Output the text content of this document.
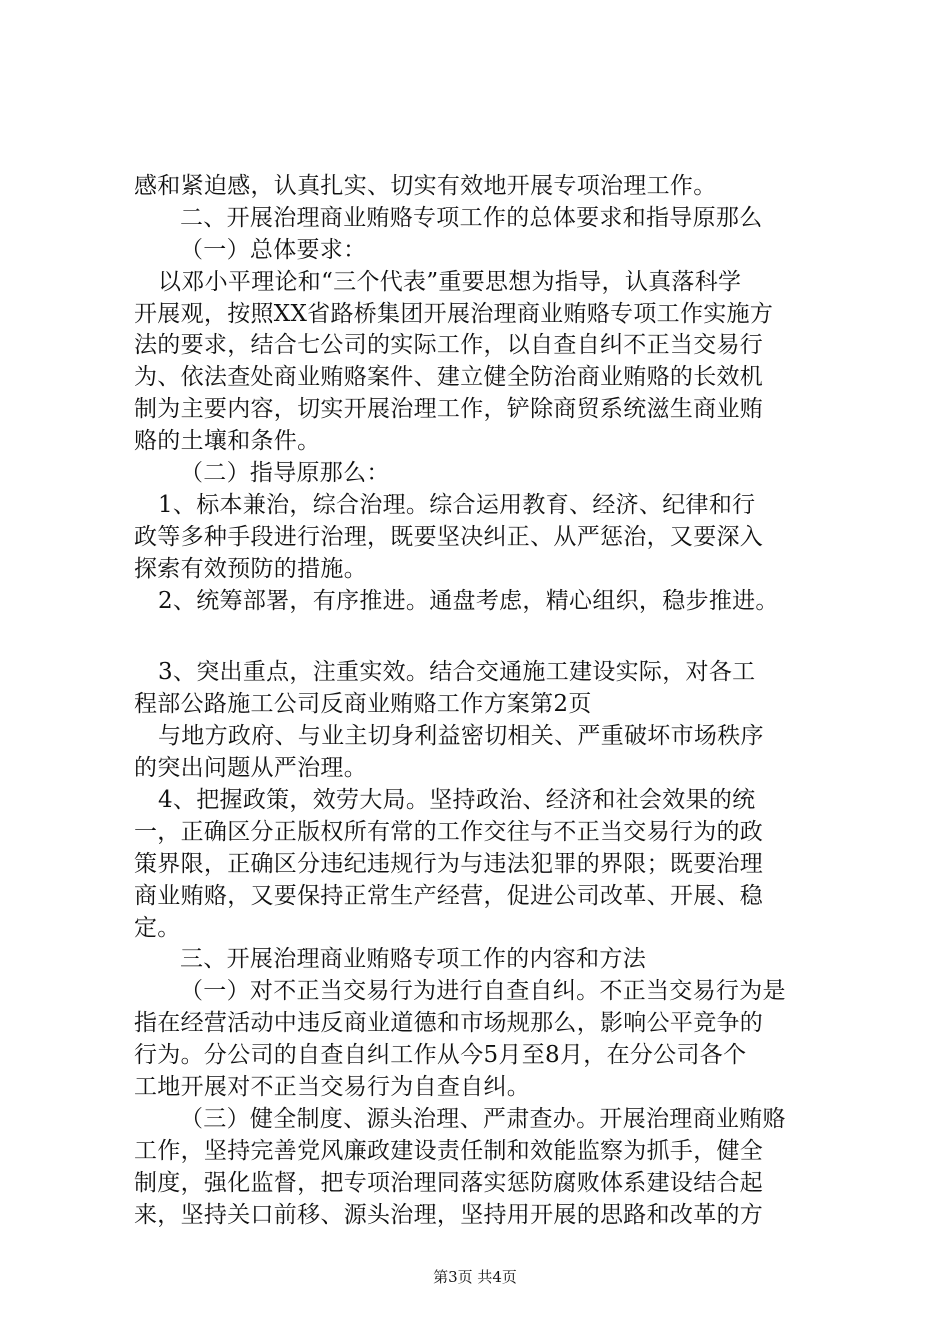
感和紧迫感，认真扎实、切实有效地开展专项治理工作。
二、开展治理商业贿赂专项工作的总体要求和指导原那么
（一）总体要求：
以邓小平理论和“三个代表”重要思想为指导，认真落科学
开展观，按照XX省路桥集团开展治理商业贿赂专项工作实施方
法的要求，结合七公司的实际工作，以自查自纠不正当交易行
为、依法查处商业贿赂案件、建立健全防治商业贿赂的长效机
制为主要内容，切实开展治理工作，铲除商贸系统滋生商业贿
赂的土壤和条件。
（二）指导原那么：
1、标本兼治，综合治理。综合运用教育、经济、纪律和行
政等多种手段进行治理，既要坚决纠正、从严惩治，又要深入
探索有效预防的措施。
2、统筹部署，有序推进。通盘考虑，精心组织，稳步推进。
3、突出重点，注重实效。结合交通施工建设实际，对各工
程部公路施工公司反商业贿赂工作方案第2页
与地方政府、与业主切身利益密切相关、严重破坏市场秩序
的突出问题从严治理。
4、把握政策，效劳大局。坚持政治、经济和社会效果的统
一，正确区分正版权所有常的工作交往与不正当交易行为的政
策界限，正确区分违纪违规行为与违法犯罪的界限；既要治理
商业贿赂，又要保持正常生产经营，促进公司改革、开展、稳
定。
三、开展治理商业贿赂专项工作的内容和方法
（一）对不正当交易行为进行自查自纠。不正当交易行为是
指在经营活动中违反商业道德和市场规那么，影响公平竞争的
行为。分公司的自查自纠工作从今5月至8月，在分公司各个
工地开展对不正当交易行为自查自纠。
（三）健全制度、源头治理、严肃查办。开展治理商业贿赂
工作，坚持完善党风廉政建设责任制和效能监察为抓手，健全
制度，强化监督，把专项治理同落实惩防腐败体系建设结合起
来，坚持关口前移、源头治理，坚持用开展的思路和改革的方
第3页 共4页
